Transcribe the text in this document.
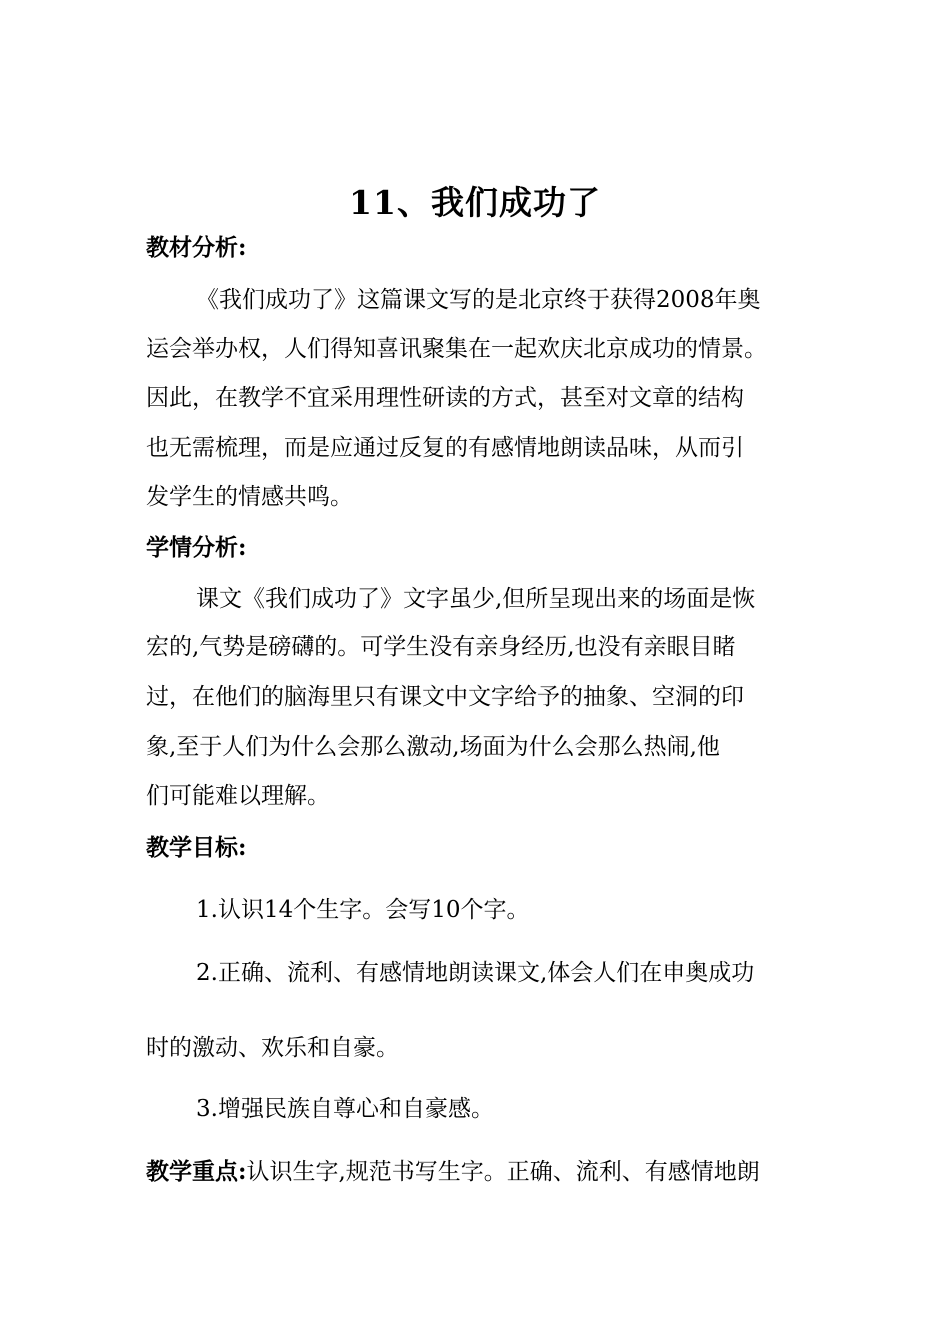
11、我们成功了
教材分析:
《我们成功了》这篇课文写的是北京终于获得2008年奥
运会举办权，人们得知喜讯聚集在一起欢庆北京成功的情景。
因此，在教学不宜采用理性研读的方式，甚至对文章的结构
也无需梳理，而是应通过反复的有感情地朗读品味，从而引
发学生的情感共鸣。
学情分析:
课文《我们成功了》文字虽少,但所呈现出来的场面是恢
宏的,气势是磅礴的。可学生没有亲身经历,也没有亲眼目睹
过，在他们的脑海里只有课文中文字给予的抽象、空洞的印
象,至于人们为什么会那么激动,场面为什么会那么热闹,他
们可能难以理解。
教学目标:
1.认识14个生字。会写10个字。
2.正确、流利、有感情地朗读课文,体会人们在申奥成功
时的激动、欢乐和自豪。
3.增强民族自尊心和自豪感。
教学重点:认识生字,规范书写生字。正确、流利、有感情地朗
